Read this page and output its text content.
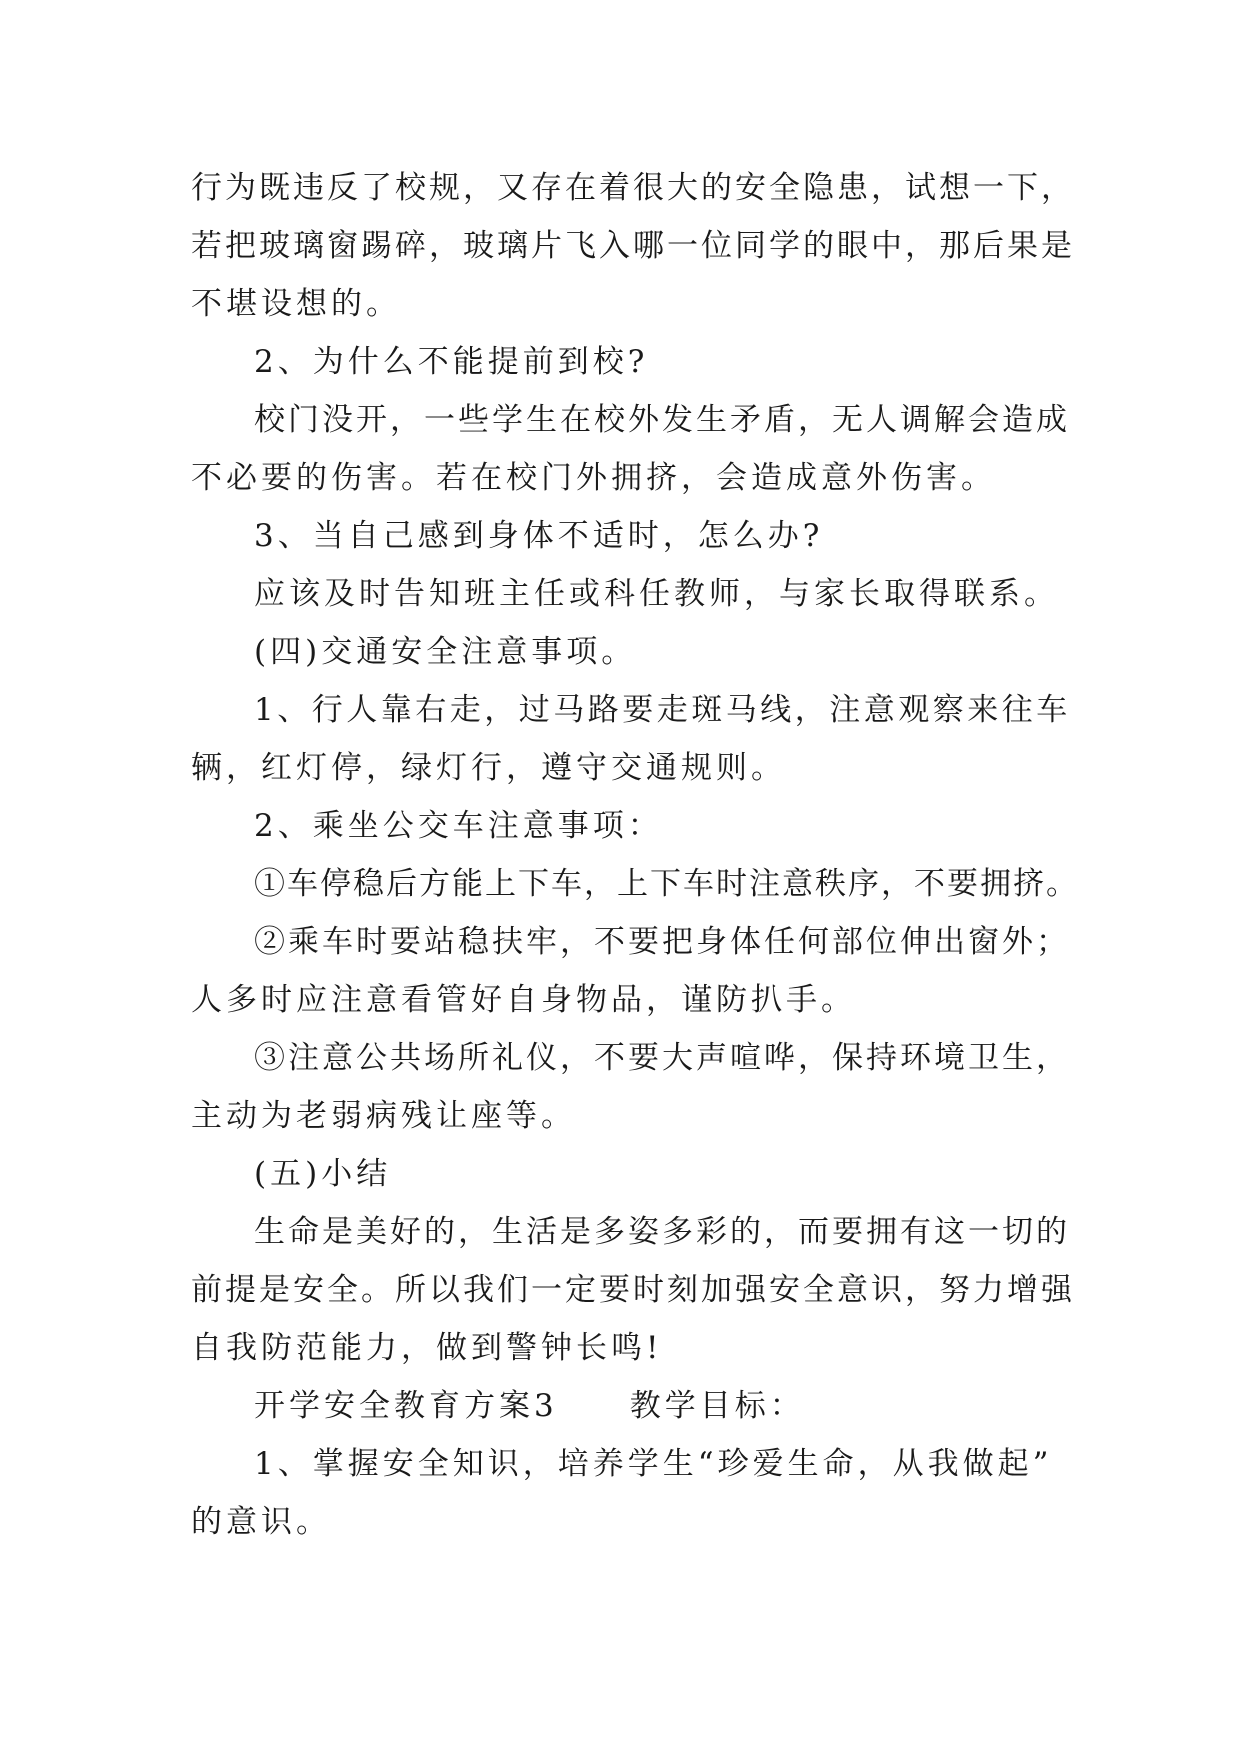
行为既违反了校规，又存在着很大的安全隐患，试想一下，
若把玻璃窗踢碎，玻璃片飞入哪一位同学的眼中，那后果是
不堪设想的。
2、为什么不能提前到校?
校门没开，一些学生在校外发生矛盾，无人调解会造成
不必要的伤害。若在校门外拥挤，会造成意外伤害。
3、当自己感到身体不适时，怎么办?
应该及时告知班主任或科任教师，与家长取得联系。
(四)交通安全注意事项。
1、行人靠右走，过马路要走斑马线，注意观察来往车
辆，红灯停，绿灯行，遵守交通规则。
2、乘坐公交车注意事项：
①车停稳后方能上下车，上下车时注意秩序，不要拥挤。
②乘车时要站稳扶牢，不要把身体任何部位伸出窗外；
人多时应注意看管好自身物品，谨防扒手。
③注意公共场所礼仪，不要大声喧哗，保持环境卫生，
主动为老弱病残让座等。
(五)小结
生命是美好的，生活是多姿多彩的，而要拥有这一切的
前提是安全。所以我们一定要时刻加强安全意识，努力增强
自我防范能力，做到警钟长鸣!
开学安全教育方案3 教学目标：
1、掌握安全知识，培养学生“珍爱生命，从我做起”
的意识。
